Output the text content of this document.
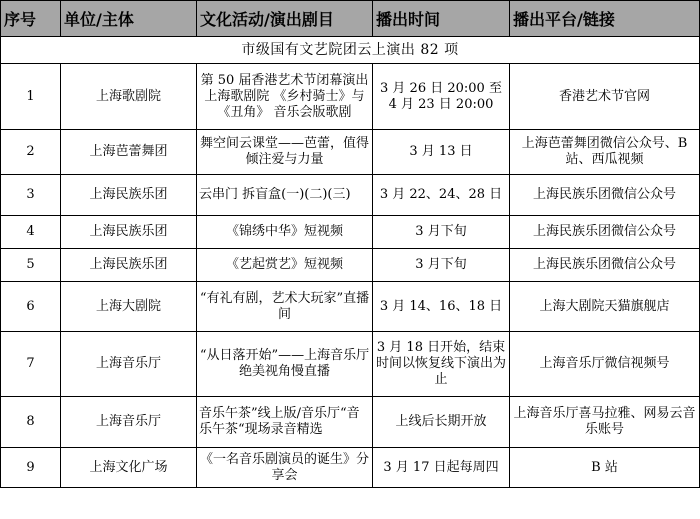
序号	单位/主体	文化活动/演出剧目	播出时间	播出平台/链接
市级国有文艺院团云上演出 82 项				
1	上海歌剧院	第 50 届香港艺术节闭幕演出 上海歌剧院 《乡村骑士》与《丑角》 音乐会版歌剧	3 月 26 日 20:00 至 4 月 23 日 20:00	香港艺术节官网
2	上海芭蕾舞团	舞空间云课堂——芭蕾，值得倾注爱与力量	3 月 13 日	上海芭蕾舞团微信公众号、B 站、西瓜视频
3	上海民族乐团	云串门 拆盲盒(一)(二)(三)	3 月 22、24、28 日	上海民族乐团微信公众号
4	上海民族乐团	《锦绣中华》短视频	3 月下旬	上海民族乐团微信公众号
5	上海民族乐团	《艺起赏艺》短视频	3 月下旬	上海民族乐团微信公众号
6	上海大剧院	“有礼有剧，艺术大玩家”直播间	3 月 14、16、18 日	上海大剧院天猫旗舰店
7	上海音乐厅	“从日落开始”——上海音乐厅绝美视角慢直播	3 月 18 日开始，结束时间以恢复线下演出为止	上海音乐厅微信视频号
8	上海音乐厅	音乐午茶”线上版/音乐厅“音乐午茶“现场录音精选	上线后长期开放	上海音乐厅喜马拉雅、网易云音乐账号
9	上海文化广场	《一名音乐剧演员的诞生》分享会	3 月 17 日起每周四	B 站
